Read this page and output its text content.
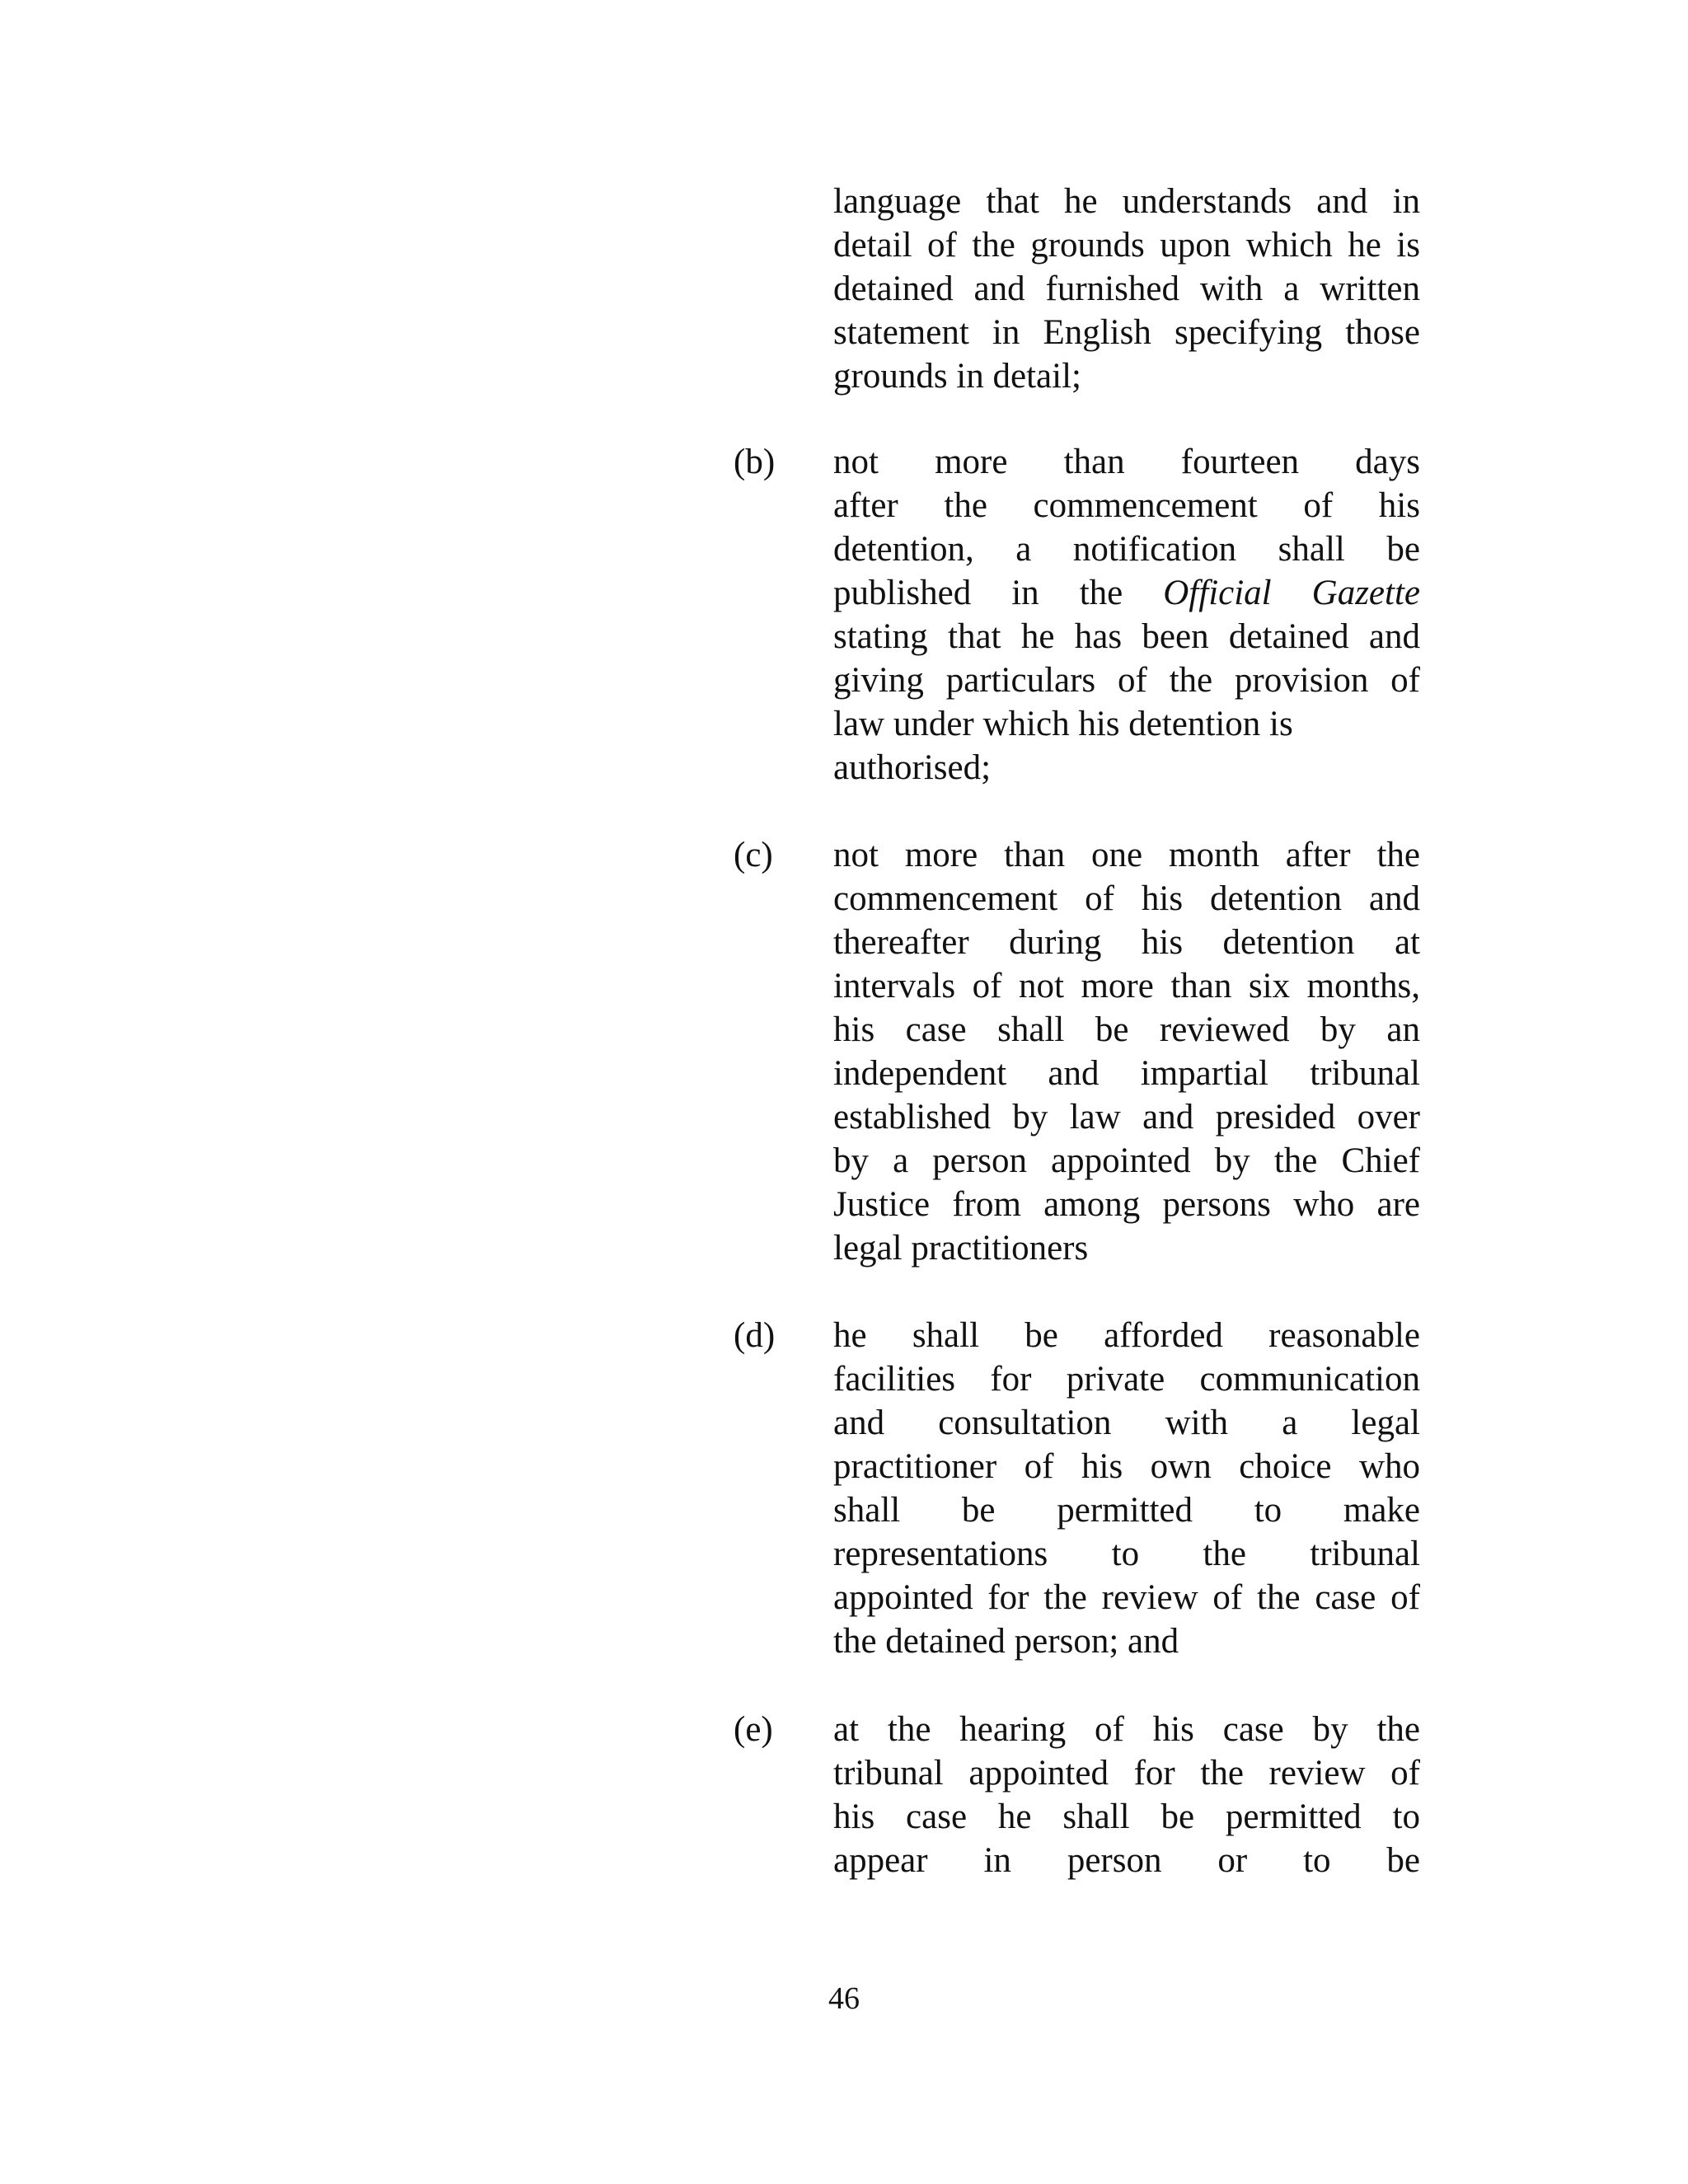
language that he understands and in
detail of the grounds upon which he is
detained and furnished with a written
statement in English specifying those
grounds in detail;
(b) not more than fourteen days
after the commencement of his
detention, a notification shall be
published in the Official Gazette
stating that he has been detained and
giving particulars of the provision of
law under which his detention is
authorised;
(c) not more than one month after the
commencement of his detention and
thereafter during his detention at
intervals of not more than six months,
his case shall be reviewed by an
independent and impartial tribunal
established by law and presided over
by a person appointed by the Chief
Justice from among persons who are
legal practitioners
(d) he shall be afforded reasonable
facilities for private communication
and consultation with a legal
practitioner of his own choice who
shall be permitted to make
representations to the tribunal
appointed for the review of the case of
the detained person; and
(e) at the hearing of his case by the
tribunal appointed for the review of
his case he shall be permitted to
appear in person or to be
46
